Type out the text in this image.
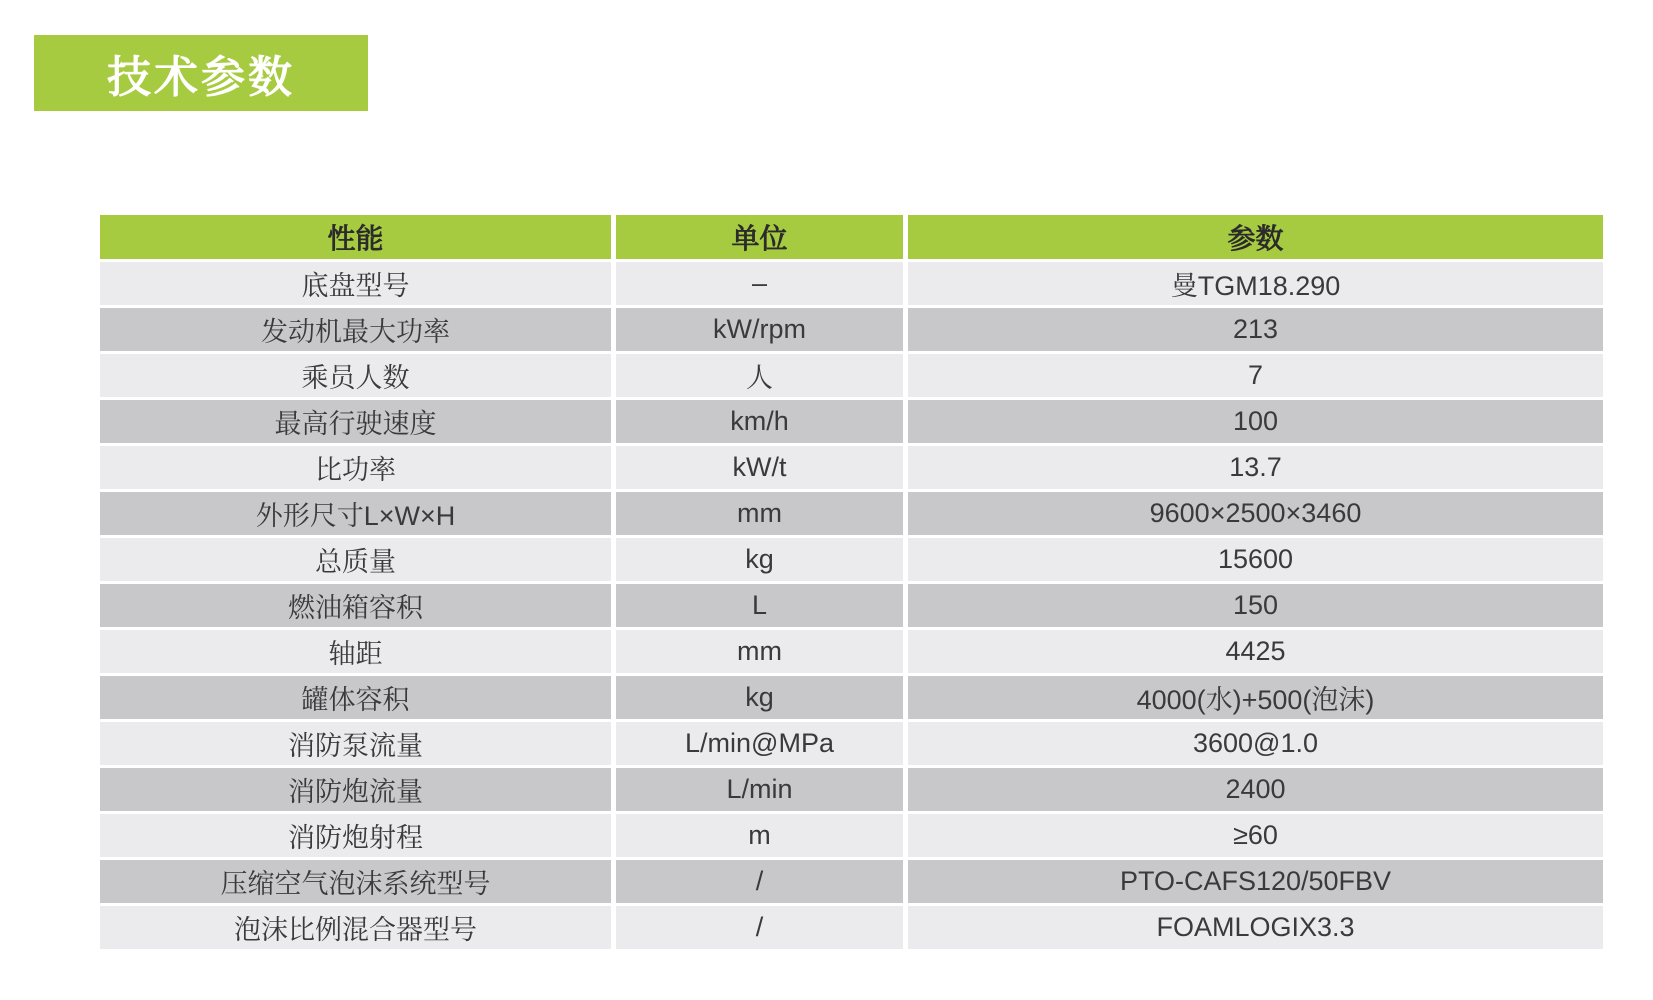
技术参数
性能	单位	参数
底盘型号	–	曼TGM18.290
发动机最大功率	kW/rpm	213
乘员人数	人	7
最高行驶速度	km/h	100
比功率	kW/t	13.7
外形尺寸L×W×H	mm	9600×2500×3460
总质量	kg	15600
燃油箱容积	L	150
轴距	mm	4425
罐体容积	kg	4000(水)+500(泡沫)
消防泵流量	L/min@MPa	3600@1.0
消防炮流量	L/min	2400
消防炮射程	m	≥60
压缩空气泡沫系统型号	/	PTO-CAFS120/50FBV
泡沫比例混合器型号	/	FOAMLOGIX3.3
